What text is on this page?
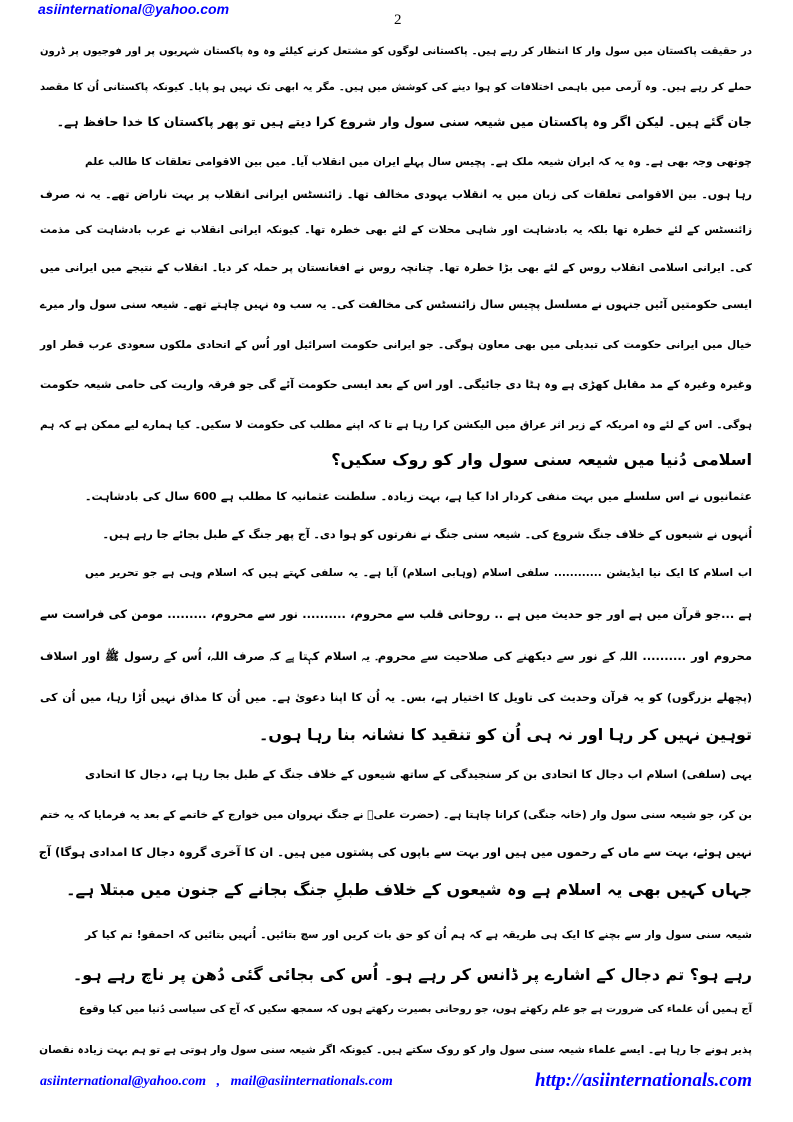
asiinternational@yahoo.com
2
در حقیقت پاکستان میں سول وار کا انتظار کر رہے ہیں۔ پاکستانی لوگوں کو مشتعل کرنے کیلئے وہ وہ پاکستان شہریوں پر اور فوجیوں پر ڈرون
حملے کر رہے ہیں۔ وہ آرمی میں باہمی اختلافات کو ہوا دینے کی کوشش میں ہیں۔ مگر یہ ابھی تک نہیں ہو پایا۔ کیونکہ پاکستانی اُن کا مقصد
جان گئے ہیں۔ لیکن اگر وہ پاکستان میں شیعہ سنی سول وار شروع کرا دیتے ہیں تو پھر پاکستان کا خدا حافظ ہے۔
چوتھی وجہ بھی ہے۔ وہ یہ کہ ایران شیعہ ملک ہے۔ پچیس سال پہلے ایران میں انقلاب آیا۔ میں بین الاقوامی تعلقات کا طالب علم
رہا ہوں۔ بین الاقوامی تعلقات کی زبان میں یہ انقلاب یہودی مخالف تھا۔ زائنسٹس ایرانی انقلاب پر بہت ناراض تھے۔ یہ نہ صرف
زائنسٹس کے لئے خطرہ تھا بلکہ یہ بادشاہت اور شاہی محلات کے لئے بھی خطرہ تھا۔ کیونکہ ایرانی انقلاب نے عرب بادشاہت کی مذمت
کی۔ ایرانی اسلامی انقلاب روس کے لئے بھی بڑا خطرہ تھا۔ چنانچہ روس نے افغانستان پر حملہ کر دیا۔ انقلاب کے نتیجے میں ایرانی میں
ایسی حکومتیں آئیں جنہوں نے مسلسل پچیس سال زائنسٹس کی مخالفت کی۔ یہ سب وہ نہیں چاہتے تھے۔ شیعہ سنی سول وار میرے
خیال میں ایرانی حکومت کی تبدیلی میں بھی معاون ہوگی۔ جو ایرانی حکومت اسرائیل اور اُس کے اتحادی ملکوں سعودی عرب قطر اور
وغیرہ وغیرہ کے مد مقابل کھڑی ہے وہ ہٹا دی جائیگی۔ اور اس کے بعد ایسی حکومت آئے گی جو فرقہ واریت کی حامی شیعہ حکومت
ہوگی۔ اس کے لئے وہ امریکہ کے زیر اثر عراق میں الیکشن کرا رہا ہے تا کہ اپنے مطلب کی حکومت لا سکیں۔ کیا ہمارے لیے ممکن ہے کہ ہم
اسلامی دُنیا میں شیعہ سنی سول وار کو روک سکیں؟
عثمانیوں نے اس سلسلے میں بہت منفی کردار ادا کیا ہے، بہت زیادہ۔ سلطنت عثمانیہ کا مطلب ہے 600 سال کی بادشاہت۔
اُنہوں نے شیعوں کے خلاف جنگ شروع کی۔ شیعہ سنی جنگ نے نفرتوں کو ہوا دی۔ آج پھر جنگ کے طبل بجائے جا رہے ہیں۔
اب اسلام کا ایک نیا ایڈیشن ............ سلفی اسلام (وہابی اسلام) آیا ہے۔ یہ سلفی کہتے ہیں کہ اسلام وہی ہے جو تحریر میں
ہے ...جو قرآن میں ہے اور جو حدیث میں ہے .. روحانی قلب سے محروم، .......... نور سے محروم، ......... مومن کی فراست سے
محروم اور .......... اللہ کے نور سے دیکھنے کی صلاحیت سے محروم۔ یہ اسلام کہتا ہے کہ صرف اللہ، اُس کے رسول ﷺ اور اسلاف
(پچھلے بزرگوں) کو یہ قرآن وحدیث کی تاویل کا اختیار ہے، بس۔ یہ اُن کا اپنا دعویٰ ہے۔ میں اُن کا مذاق نہیں اُڑا رہا، میں اُن کی
توہین نہیں کر رہا اور نہ ہی اُن کو تنقید کا نشانہ بنا رہا ہوں۔
یہی (سلفی) اسلام اب دجال کا اتحادی بن کر سنجیدگی کے ساتھ شیعوں کے خلاف جنگ کے طبل بجا رہا ہے، دجال کا اتحادی
بن کر، جو شیعہ سنی سول وار (خانہ جنگی) کرانا چاہتا ہے۔ (حضرت علیؑ نے جنگ نہروان میں خوارج کے خاتمے کے بعد یہ فرمایا کہ یہ ختم
نہیں ہوئے، بہت سے ماں کے رحموں میں ہیں اور بہت سے باپوں کی پشتوں میں ہیں۔ ان کا آخری گروہ دجال کا امدادی ہوگا) آج
جہاں کہیں بھی یہ اسلام ہے وہ شیعوں کے خلاف طبلِ جنگ بجانے کے جنون میں مبتلا ہے۔
شیعہ سنی سول وار سے بچنے کا ایک ہی طریقہ ہے کہ ہم اُن کو حق بات کریں اور سچ بتائیں۔ اُنہیں بتائیں کہ احمقو! تم کیا کر
رہے ہو؟ تم دجال کے اشارے پر ڈانس کر رہے ہو۔ اُس کی بجائی گئی دُھن پر ناچ رہے ہو۔
آج ہمیں اُن علماء کی ضرورت ہے جو علم رکھتے ہوں، جو روحانی بصیرت رکھتے ہوں کہ سمجھ سکیں کہ آج کی سیاسی دُنیا میں کیا وقوع
پذیر ہونے جا رہا ہے۔ ایسے علماء شیعہ سنی سول وار کو روک سکتے ہیں۔ کیونکہ اگر شیعہ سنی سول وار ہوتی ہے تو ہم بہت زیادہ نقصان
asiinternational@yahoo.com , mail@asiinternationals.com	http://asiinternationals.com
